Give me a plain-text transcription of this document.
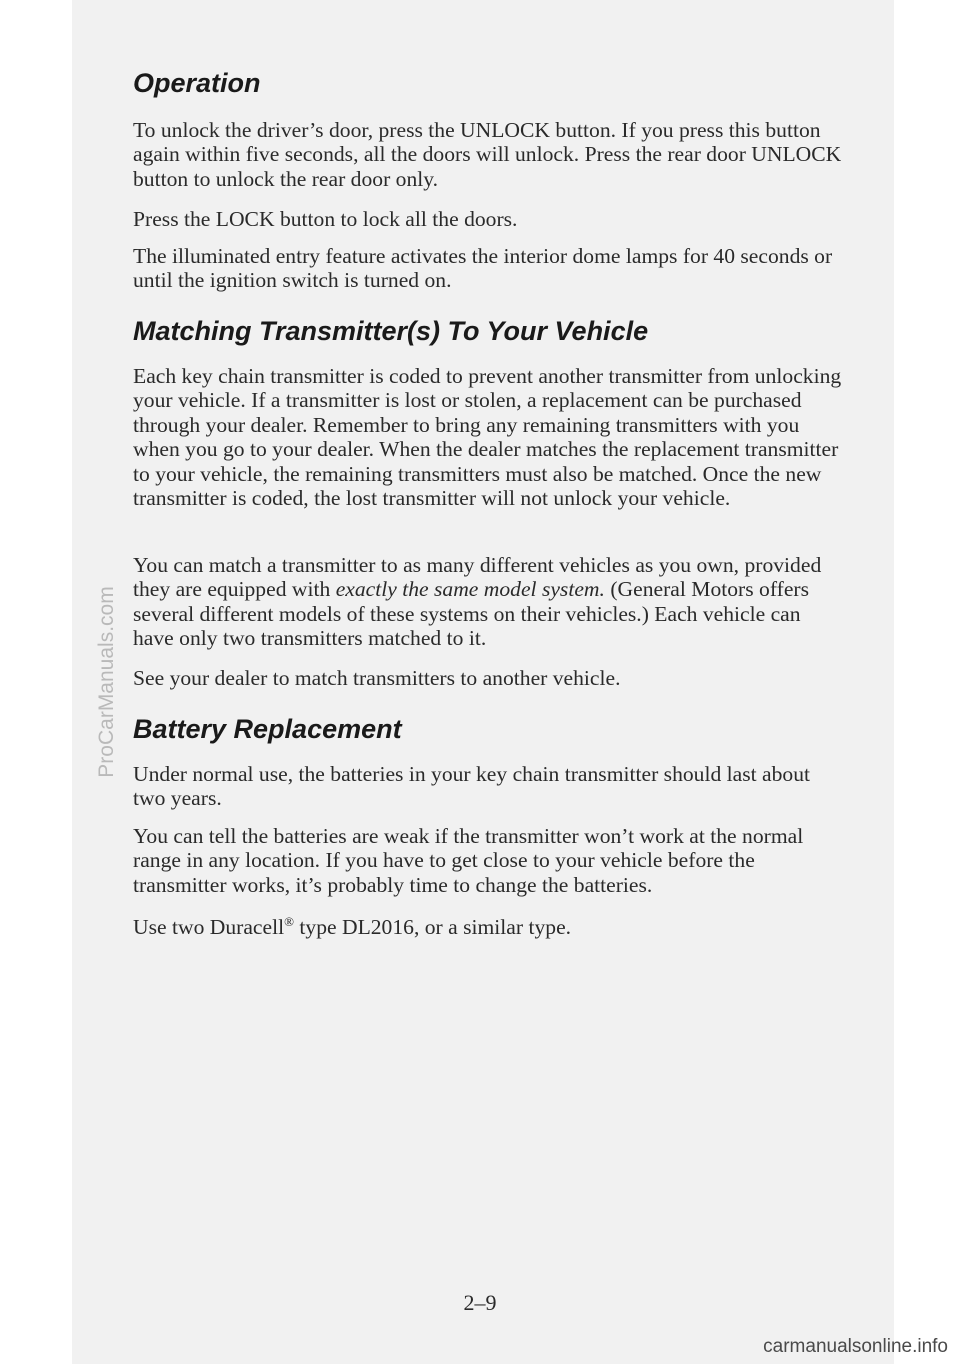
ProCarManuals.com
Operation

To unlock the driver’s door, press the UNLOCK button. If you press this button again within five seconds, all the doors will unlock. Press the rear door UNLOCK button to unlock the rear door only.

Press the LOCK button to lock all the doors.

The illuminated entry feature activates the interior dome lamps for 40 seconds or until the ignition switch is turned on.

Matching Transmitter(s) To Your Vehicle

Each key chain transmitter is coded to prevent another transmitter from unlocking your vehicle. If a transmitter is lost or stolen, a replacement can be purchased through your dealer. Remember to bring any remaining transmitters with you when you go to your dealer. When the dealer matches the replacement transmitter to your vehicle, the remaining transmitters must also be matched. Once the new transmitter is coded, the lost transmitter will not unlock your vehicle.

You can match a transmitter to as many different vehicles as you own, provided they are equipped with exactly the same model system. (General Motors offers several different models of these systems on their vehicles.) Each vehicle can have only two transmitters matched to it.

See your dealer to match transmitters to another vehicle.

Battery Replacement

Under normal use, the batteries in your key chain transmitter should last about two years.

You can tell the batteries are weak if the transmitter won’t work at the normal range in any location. If you have to get close to your vehicle before the transmitter works, it’s probably time to change the batteries.

Use two Duracell® type DL2016, or a similar type.

2–9
carmanualsonline.info
